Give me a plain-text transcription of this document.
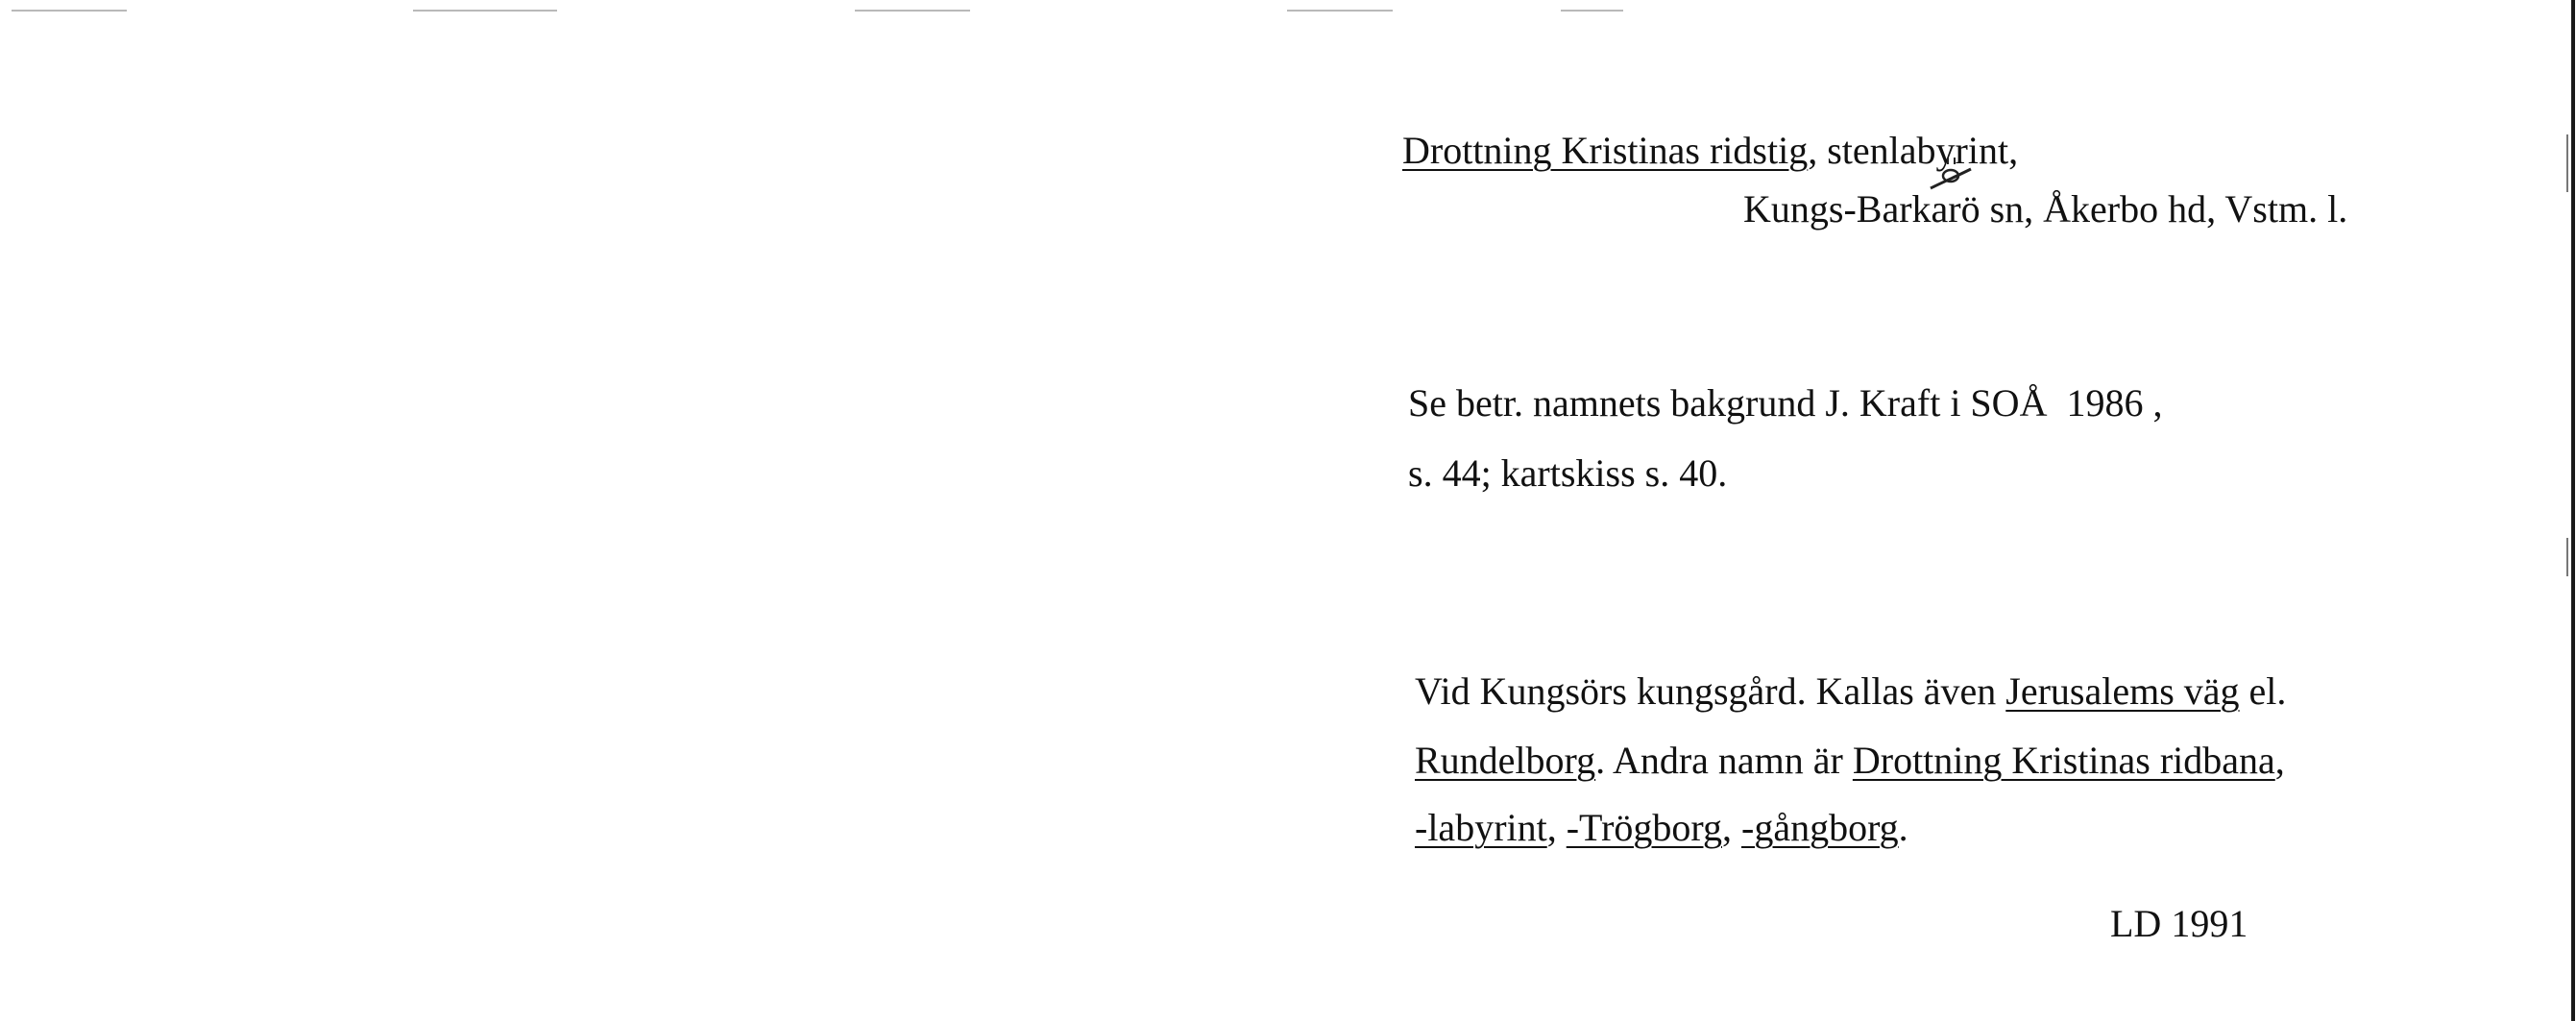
Drottning Kristinas ridstig, stenlabyrint,
Kungs-Barkarö sn, Åkerbo hd, Vstm. l.
Se betr. namnets bakgrund J. Kraft i SOÅ  1986 ,
s. 44; kartskiss s. 40.
Vid Kungsörs kungsgård. Kallas även Jerusalems väg el.
Rundelborg. Andra namn är Drottning Kristinas ridbana,
-labyrint, -Trögborg, -gångborg.
LD 1991
